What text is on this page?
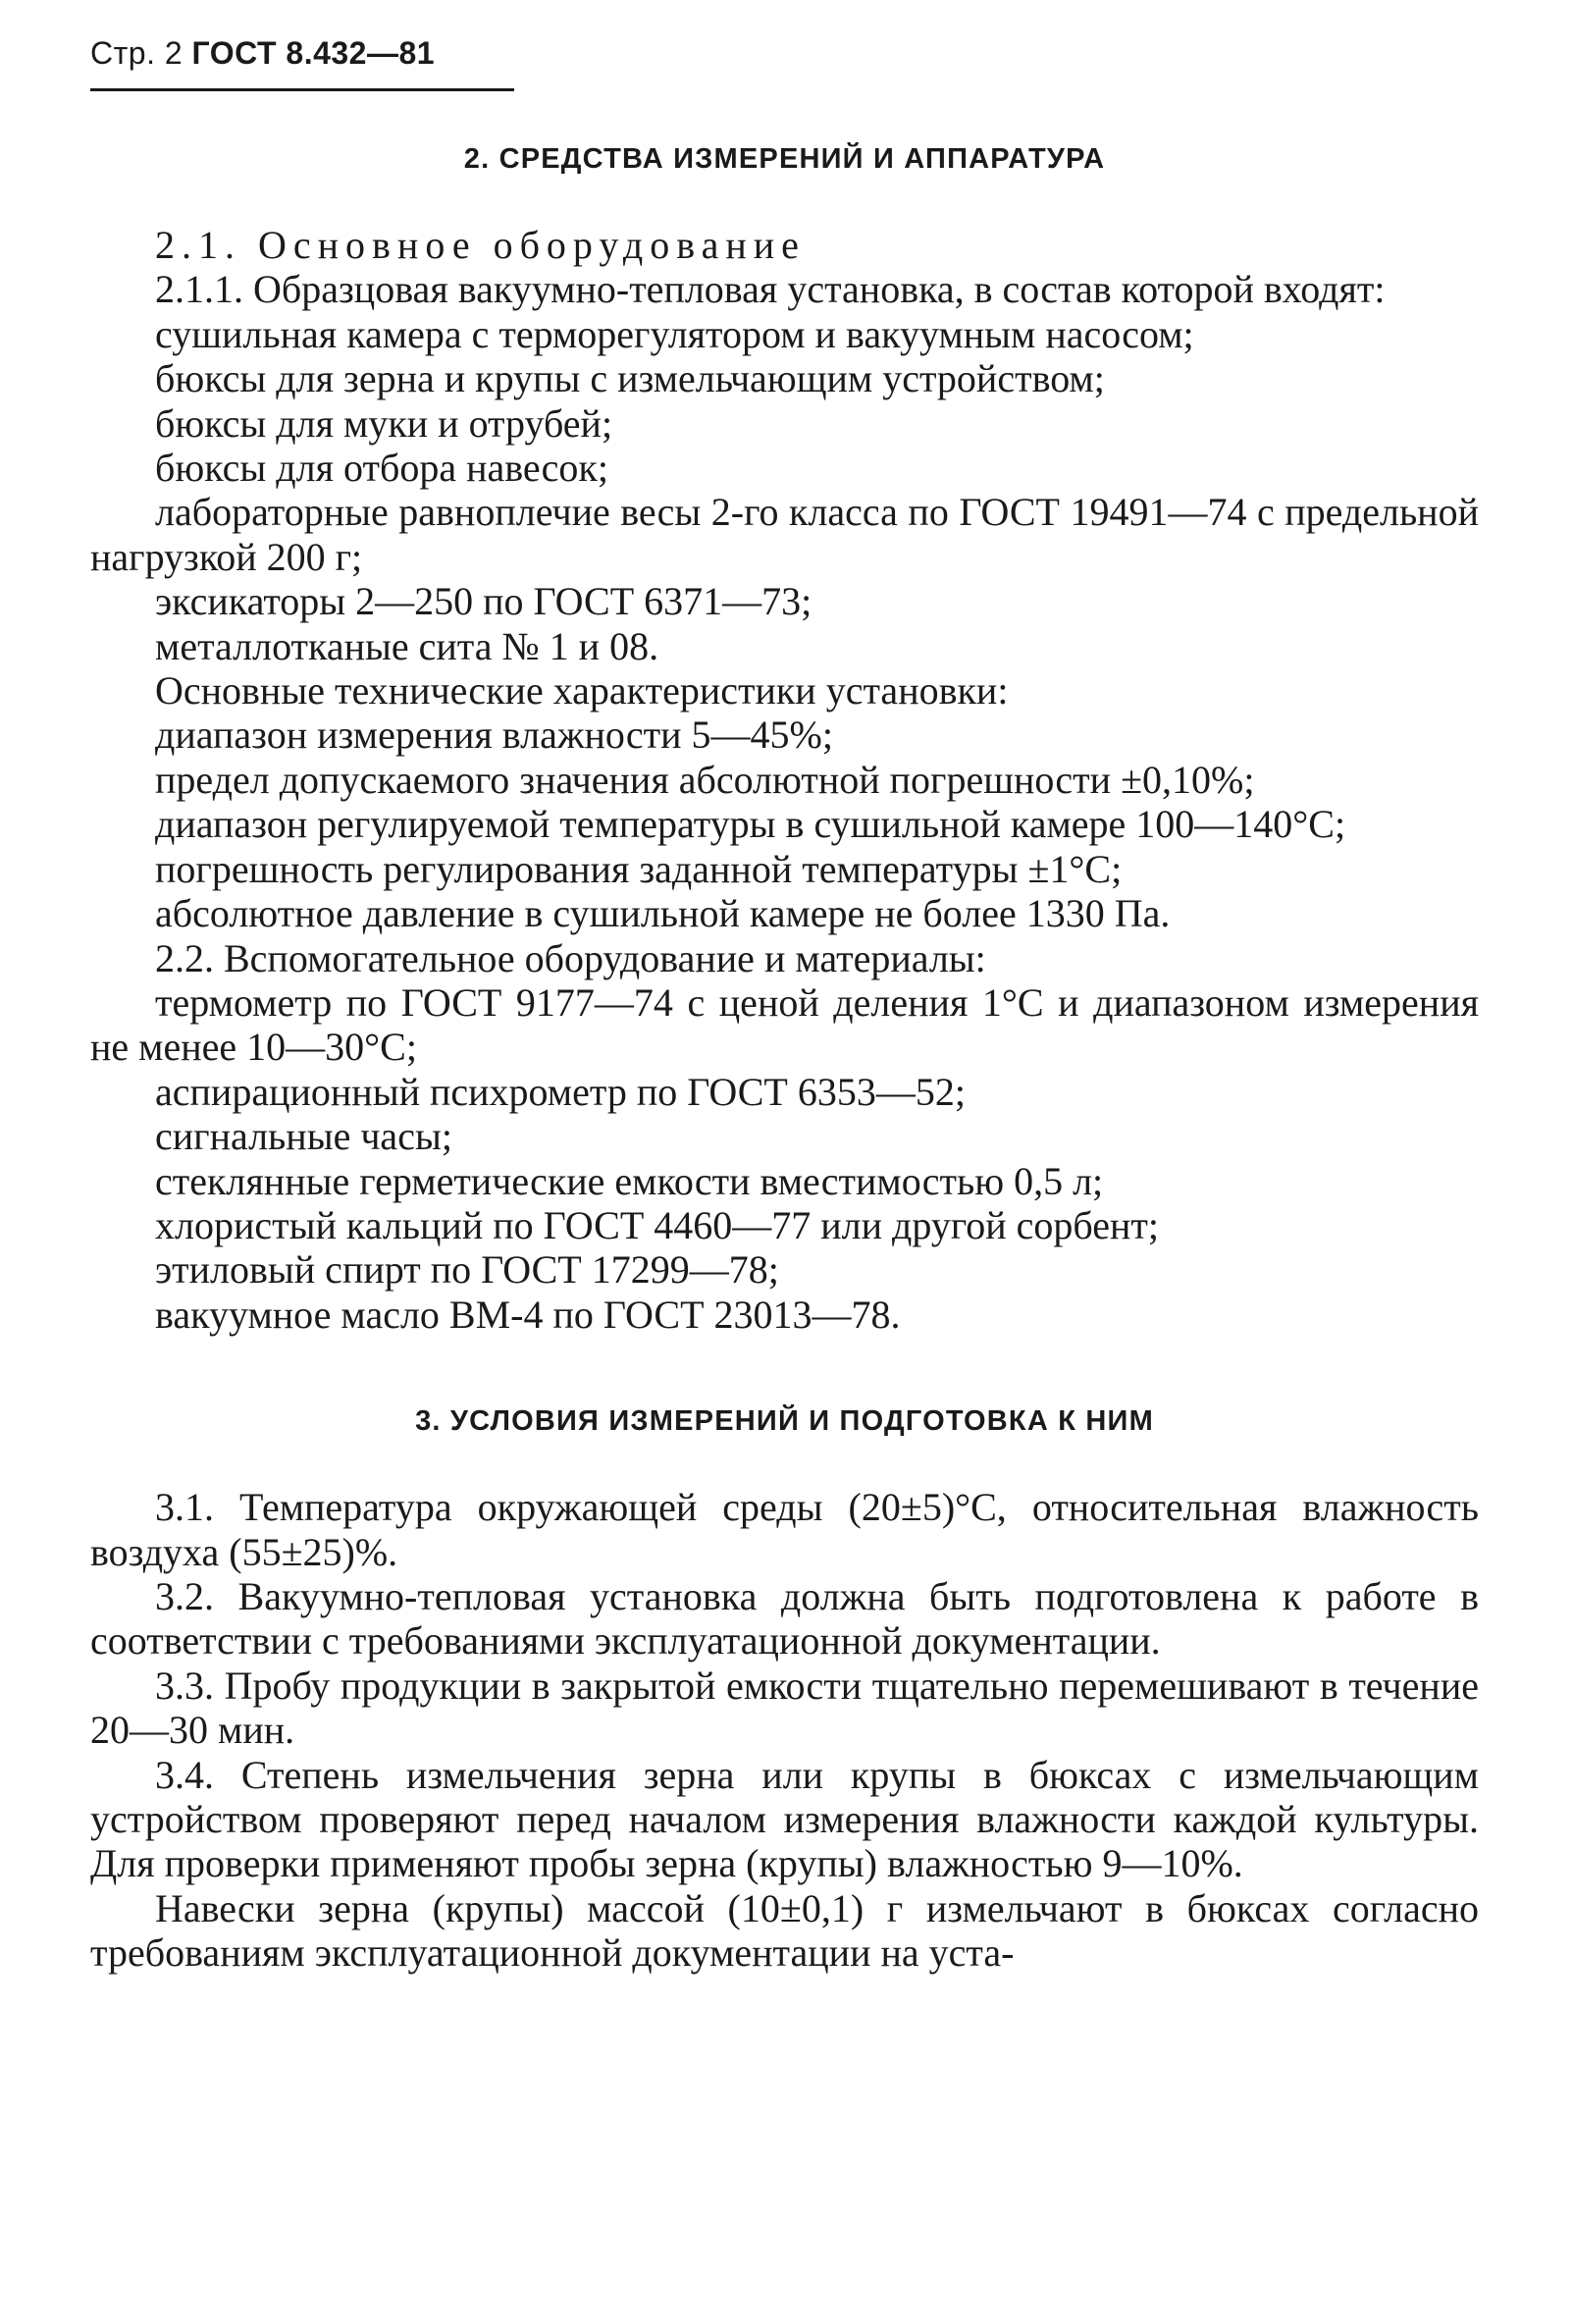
Стр. 2 ГОСТ 8.432—81
2. СРЕДСТВА ИЗМЕРЕНИЙ И АППАРАТУРА

2.1. Основное оборудование

2.1.1. Образцовая вакуумно-тепловая установка, в состав которой входят:

сушильная камера с терморегулятором и вакуумным насосом;

бюксы для зерна и крупы с измельчающим устройством;

бюксы для муки и отрубей;

бюксы для отбора навесок;

лабораторные равноплечие весы 2-го класса по ГОСТ 19491—74 с предельной нагрузкой 200 г;

эксикаторы 2—250 по ГОСТ 6371—73;

металлотканые сита № 1 и 08.

Основные технические характеристики установки:

диапазон измерения влажности 5—45%;

предел допускаемого значения абсолютной погрешности ±0,10%;

диапазон регулируемой температуры в сушильной камере 100—140°С;

погрешность регулирования заданной температуры ±1°С;

абсолютное давление в сушильной камере не более 1330 Па.

2.2. Вспомогательное оборудование и материалы:

термометр по ГОСТ 9177—74 с ценой деления 1°С и диапазоном измерения не менее 10—30°С;

аспирационный психрометр по ГОСТ 6353—52;

сигнальные часы;

стеклянные герметические емкости вместимостью 0,5 л;

хлористый кальций по ГОСТ 4460—77 или другой сорбент;

этиловый спирт по ГОСТ 17299—78;

вакуумное масло ВМ-4 по ГОСТ 23013—78.

3. УСЛОВИЯ ИЗМЕРЕНИЙ И ПОДГОТОВКА К НИМ

3.1. Температура окружающей среды (20±5)°С, относительная влажность воздуха (55±25)%.

3.2. Вакуумно-тепловая установка должна быть подготовлена к работе в соответствии с требованиями эксплуатационной документации.

3.3. Пробу продукции в закрытой емкости тщательно перемешивают в течение 20—30 мин.

3.4. Степень измельчения зерна или крупы в бюксах с измельчающим устройством проверяют перед началом измерения влажности каждой культуры. Для проверки применяют пробы зерна (крупы) влажностью 9—10%.

Навески зерна (крупы) массой (10±0,1) г измельчают в бюксах согласно требованиям эксплуатационной документации на уста-
